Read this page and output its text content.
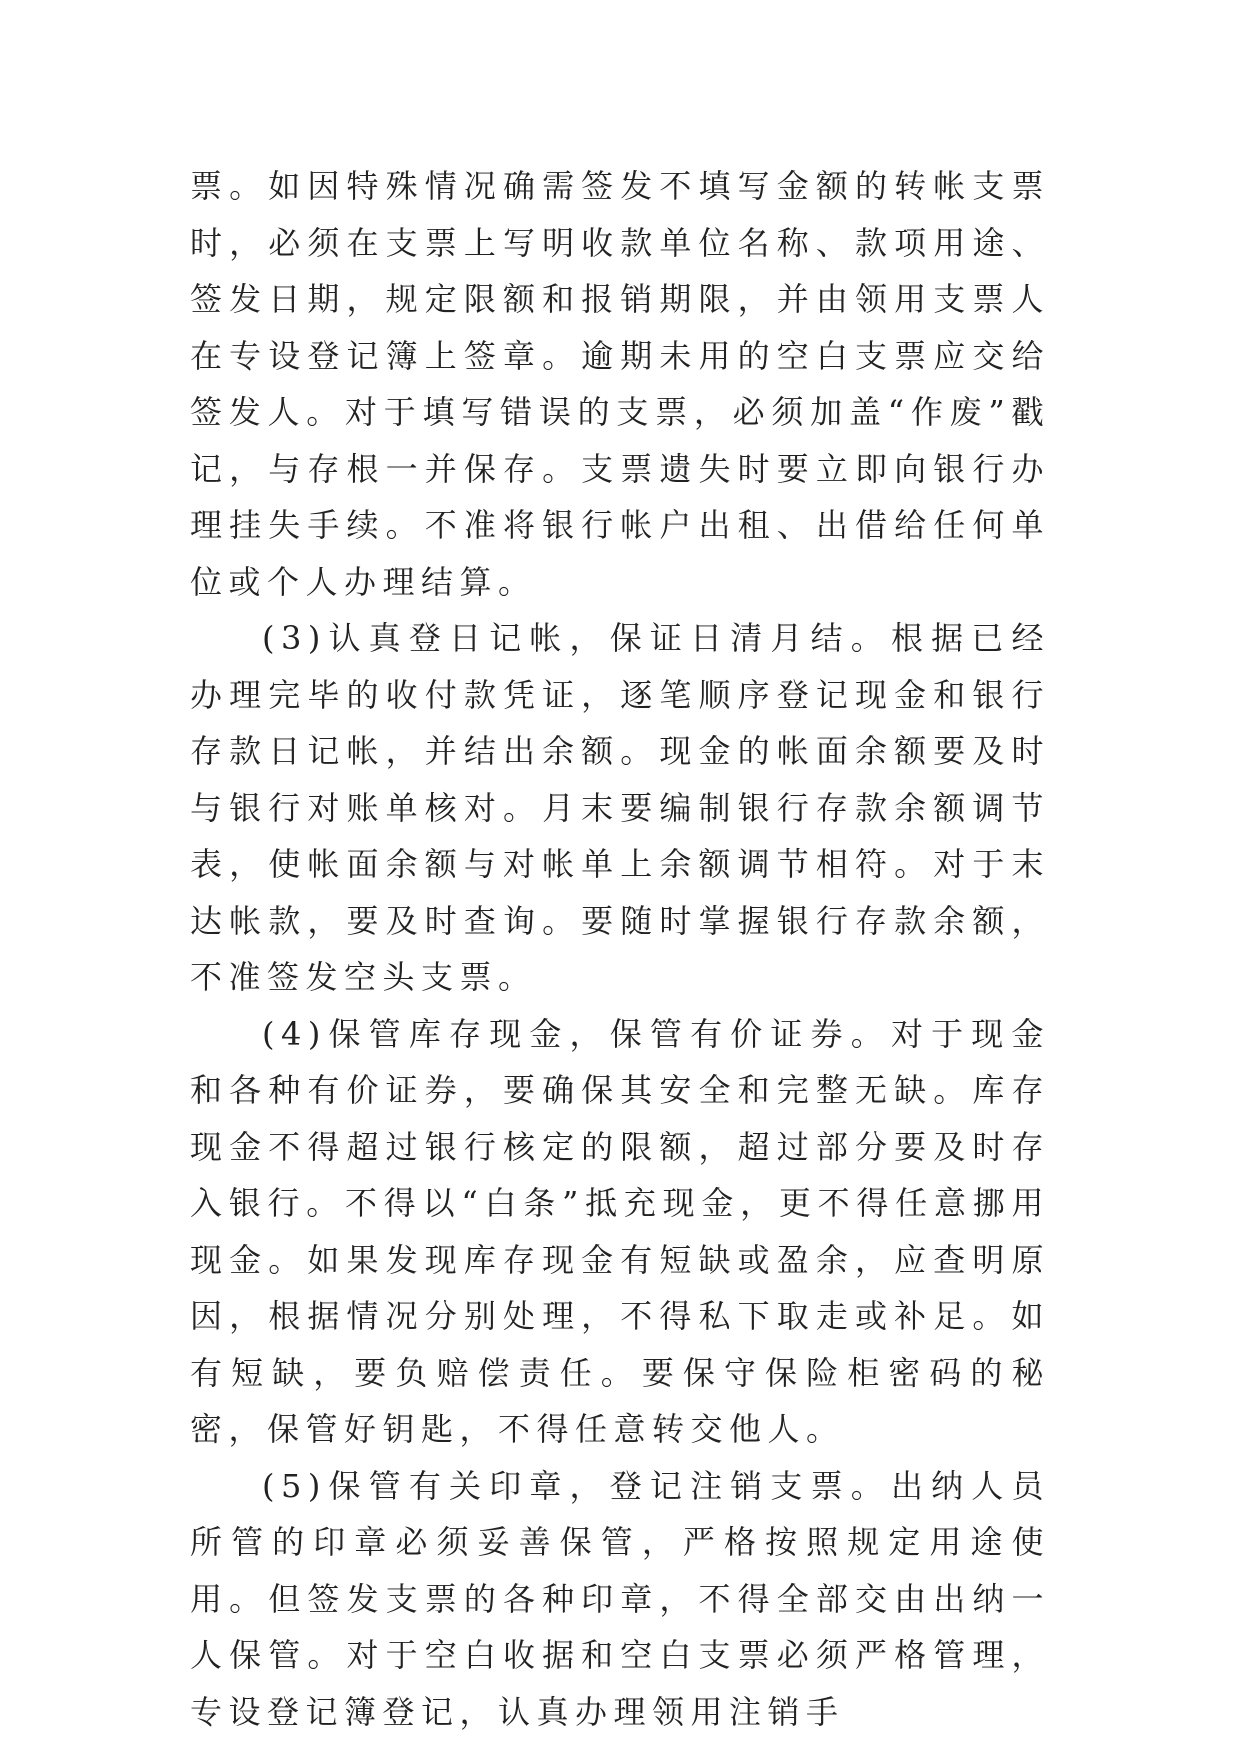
票。如因特殊情况确需签发不填写金额的转帐支票时，必须在支票上写明收款单位名称、款项用途、签发日期，规定限额和报销期限，并由领用支票人在专设登记簿上签章。逾期未用的空白支票应交给签发人。对于填写错误的支票，必须加盖“作废”戳记，与存根一并保存。支票遗失时要立即向银行办理挂失手续。不准将银行帐户出租、出借给任何单位或个人办理结算。

(3)认真登日记帐，保证日清月结。根据已经办理完毕的收付款凭证，逐笔顺序登记现金和银行存款日记帐，并结出余额。现金的帐面余额要及时与银行对账单核对。月末要编制银行存款余额调节表，使帐面余额与对帐单上余额调节相符。对于末达帐款，要及时查询。要随时掌握银行存款余额，不准签发空头支票。

(4)保管库存现金，保管有价证券。对于现金和各种有价证券，要确保其安全和完整无缺。库存现金不得超过银行核定的限额，超过部分要及时存入银行。不得以“白条”抵充现金，更不得任意挪用现金。如果发现库存现金有短缺或盈余，应查明原因，根据情况分别处理，不得私下取走或补足。如有短缺，要负赔偿责任。要保守保险柜密码的秘密，保管好钥匙，不得任意转交他人。

(5)保管有关印章，登记注销支票。出纳人员所管的印章必须妥善保管，严格按照规定用途使用。但签发支票的各种印章，不得全部交由出纳一人保管。对于空白收据和空白支票必须严格管理，专设登记簿登记，认真办理领用注销手
